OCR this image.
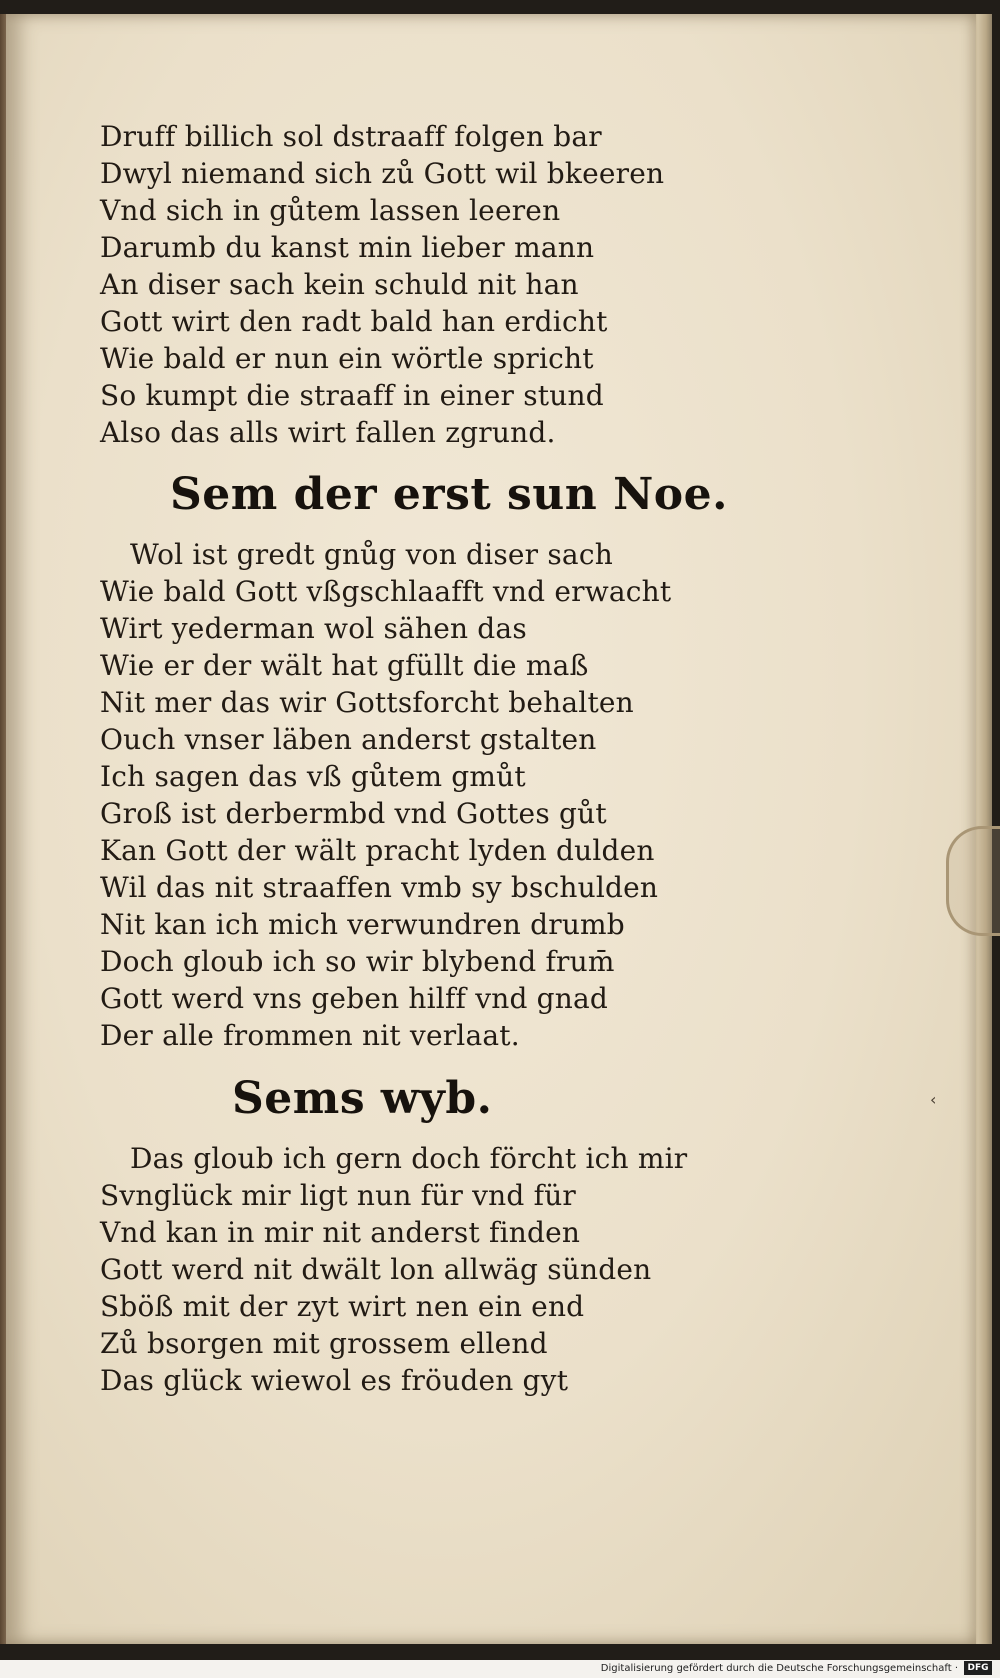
Druff billich sol dstraaff folgen bar

Dwyl niemand sich zů Gott wil bkeeren

Vnd sich in gůtem lassen leeren

Darumb du kanst min lieber mann

An diser sach kein schuld nit han

Gott wirt den radt bald han erdicht

Wie bald er nun ein wörtle spricht

So kumpt die straaff in einer stund

Also das alls wirt fallen zgrund.

Sem der erst sun Noe.

Wol ist gredt gnůg von diser sach

Wie bald Gott vßgschlaafft vnd erwacht

Wirt yederman wol sähen das

Wie er der wält hat gfüllt die maß

Nit mer das wir Gottsforcht behalten

Ouch vnser läben anderst gstalten

Ich sagen das vß gůtem gmůt

Groß ist derbermbd vnd Gottes gůt

Kan Gott der wält pracht lyden dulden

Wil das nit straaffen vmb sy bschulden

Nit kan ich mich verwundren drumb

Doch gloub ich so wir blybend frum̄

Gott werd vns geben hilff vnd gnad

Der alle frommen nit verlaat.

Sems wyb.

Das gloub ich gern doch förcht ich mir

Svnglück mir ligt nun für vnd für

Vnd kan in mir nit anderst finden

Gott werd nit dwält lon allwäg sünden

Sböß mit der zyt wirt nen ein end

Zů bsorgen mit grossem ellend

Das glück wiewol es fröuden gyt

‹
Digitalisierung gefördert durch die Deutsche Forschungsgemeinschaft ·	DFG
